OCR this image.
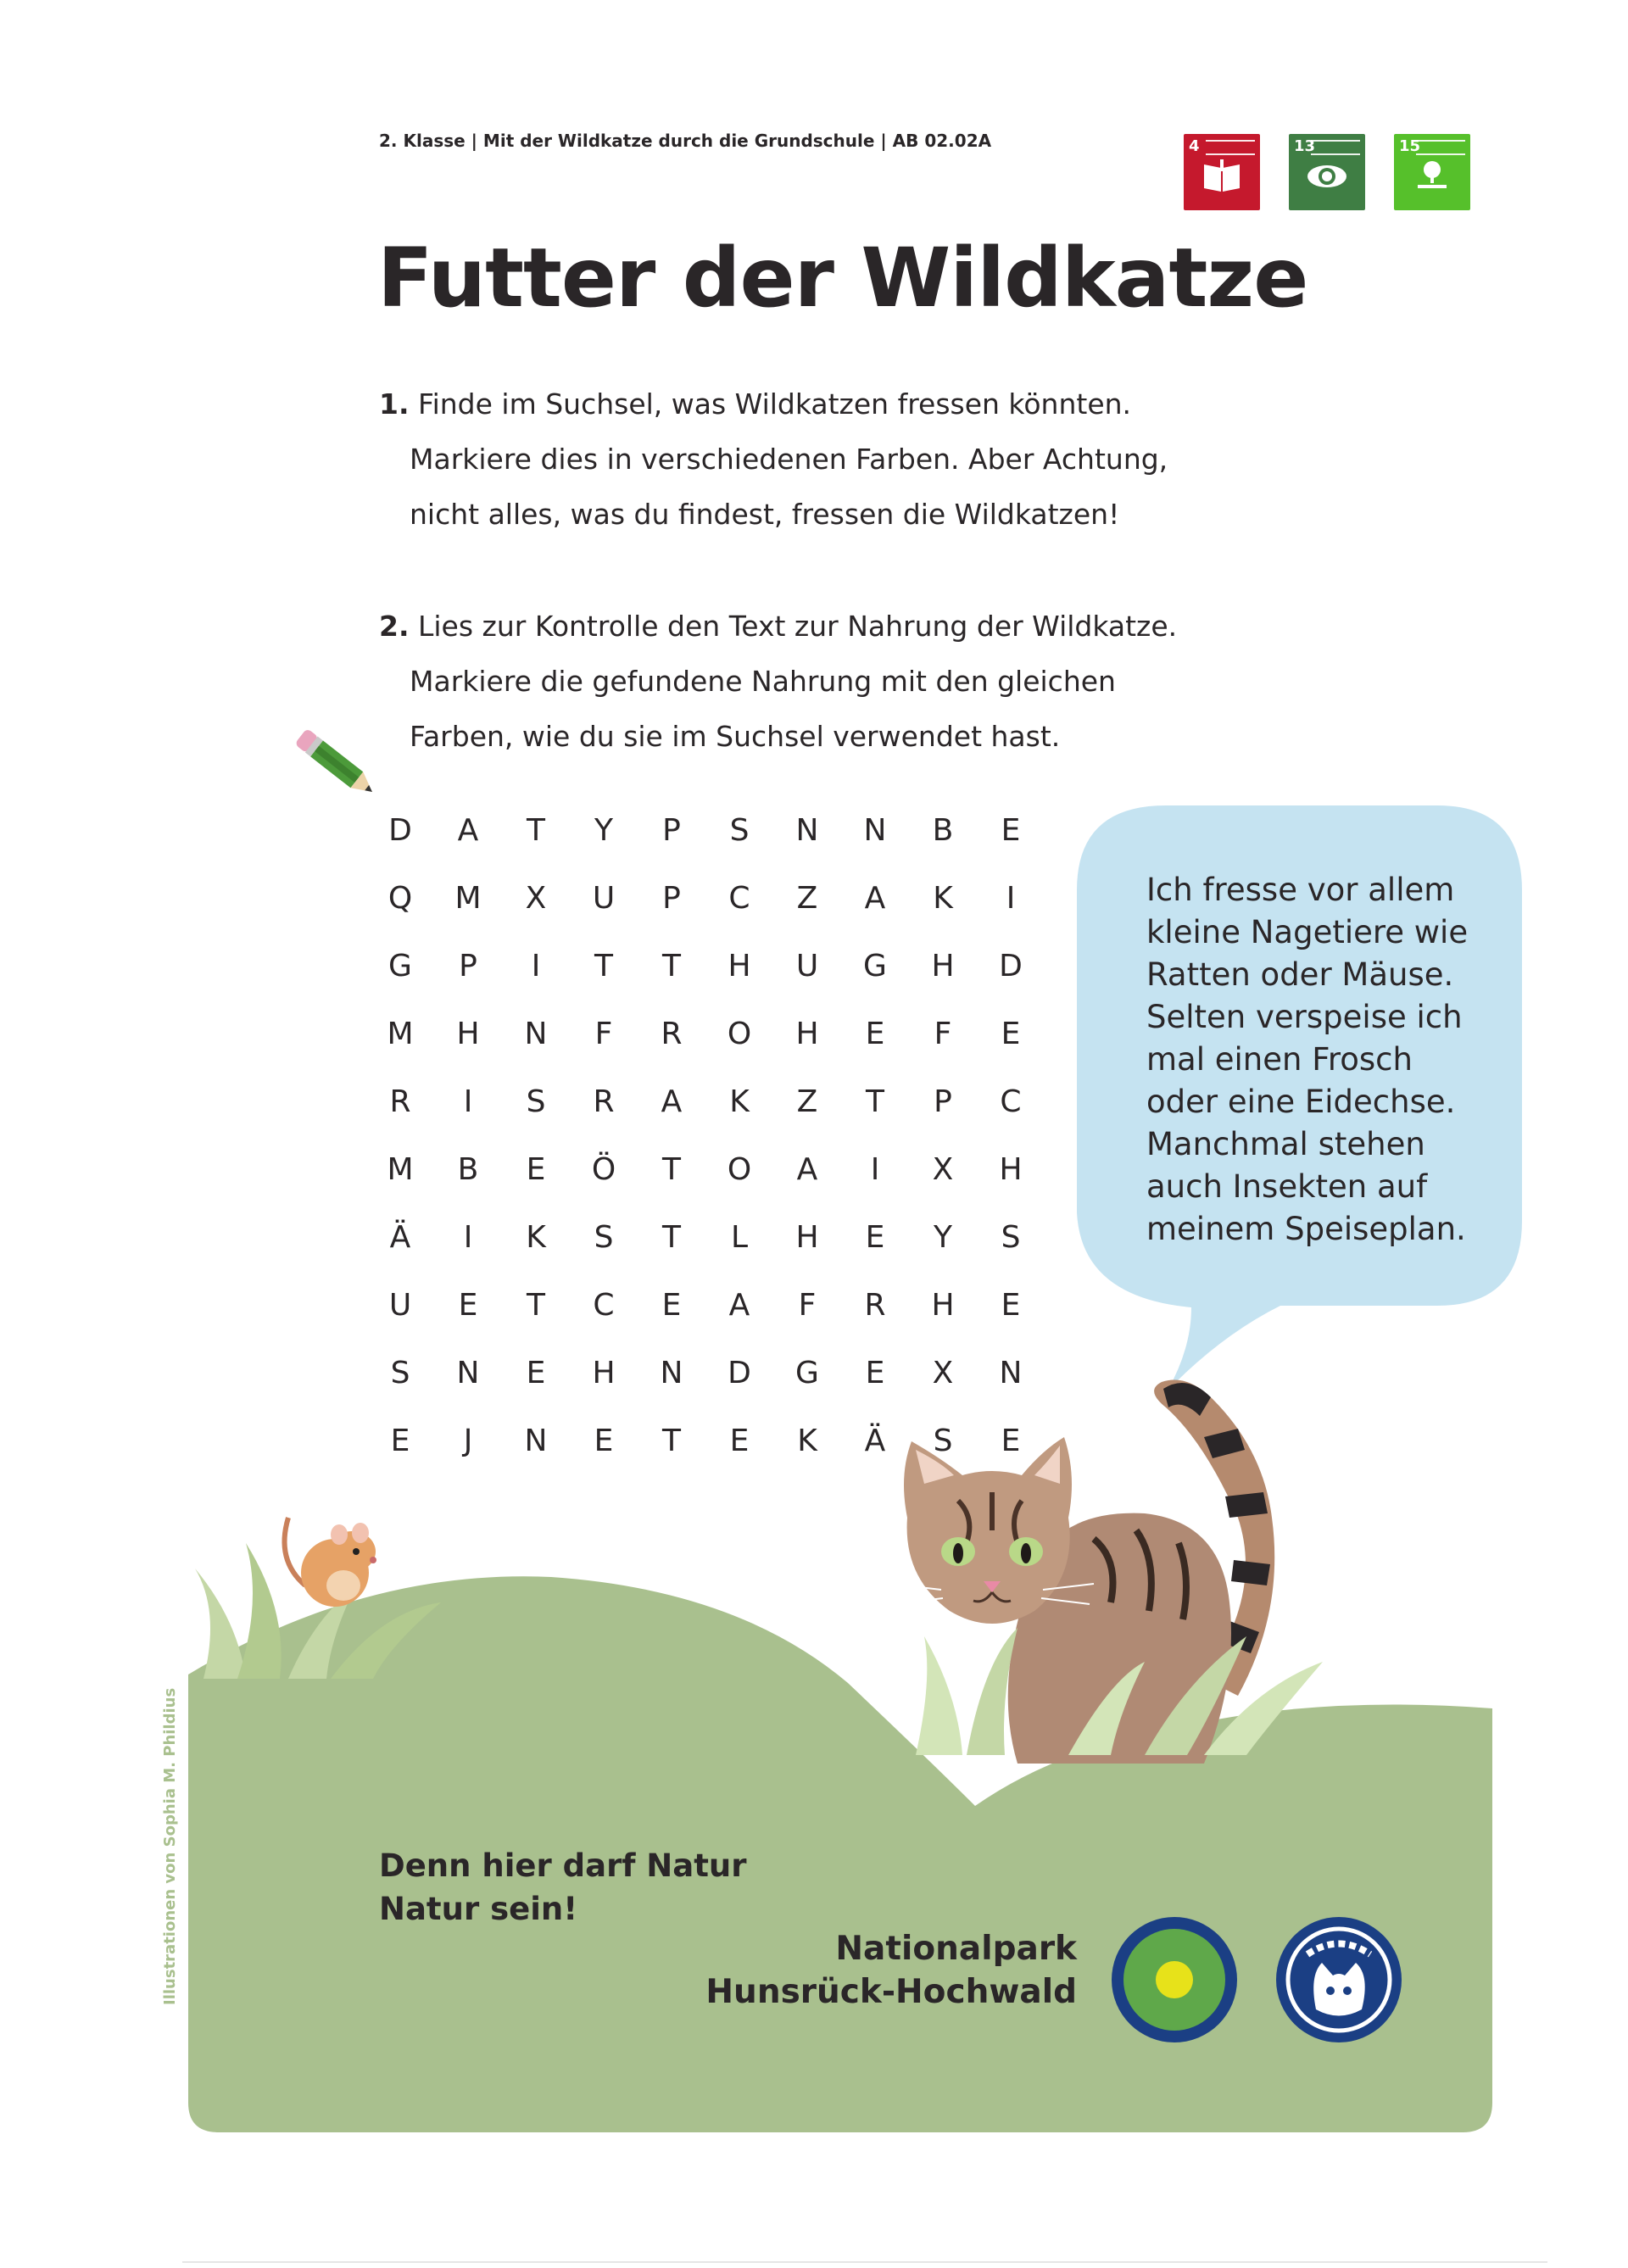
2. Klasse | Mit der Wildkatze durch die Grundschule | AB 02.02A	4	13	15
Futter der Wildkatze
1. Finde im Suchsel, was Wildkatzen fressen könnten.
Markiere dies in verschiedenen Farben. Aber Achtung,
nicht alles, was du findest, fressen die Wildkatzen!
2. Lies zur Kontrolle den Text zur Nahrung der Wildkatze.
Markiere die gefundene Nahrung mit den gleichen
Farben, wie du sie im Suchsel verwendet hast.
D	A	T	Y	P	S	N	N	B	E
Q	M	X	U	P	C	Z	A	K	I
G	P	I	T	T	H	U	G	H	D
M	H	N	F	R	O	H	E	F	E
R	I	S	R	A	K	Z	T	P	C
M	B	E	Ö	T	O	A	I	X	H
Ä	I	K	S	T	L	H	E	Y	S
U	E	T	C	E	A	F	R	H	E
S	N	E	H	N	D	G	E	X	N
E	J	N	E	T	E	K	Ä	S	E
Ich fresse vor allem
kleine Nagetiere wie
Ratten oder Mäuse.
Selten verspeise ich
mal einen Frosch
oder eine Eidechse.
Manchmal stehen
auch Insekten auf
meinem Speiseplan.
Denn hier darf Natur
Natur sein!
Nationalpark
Hunsrück-Hochwald
Illustrationen von Sophia M. Phildius
